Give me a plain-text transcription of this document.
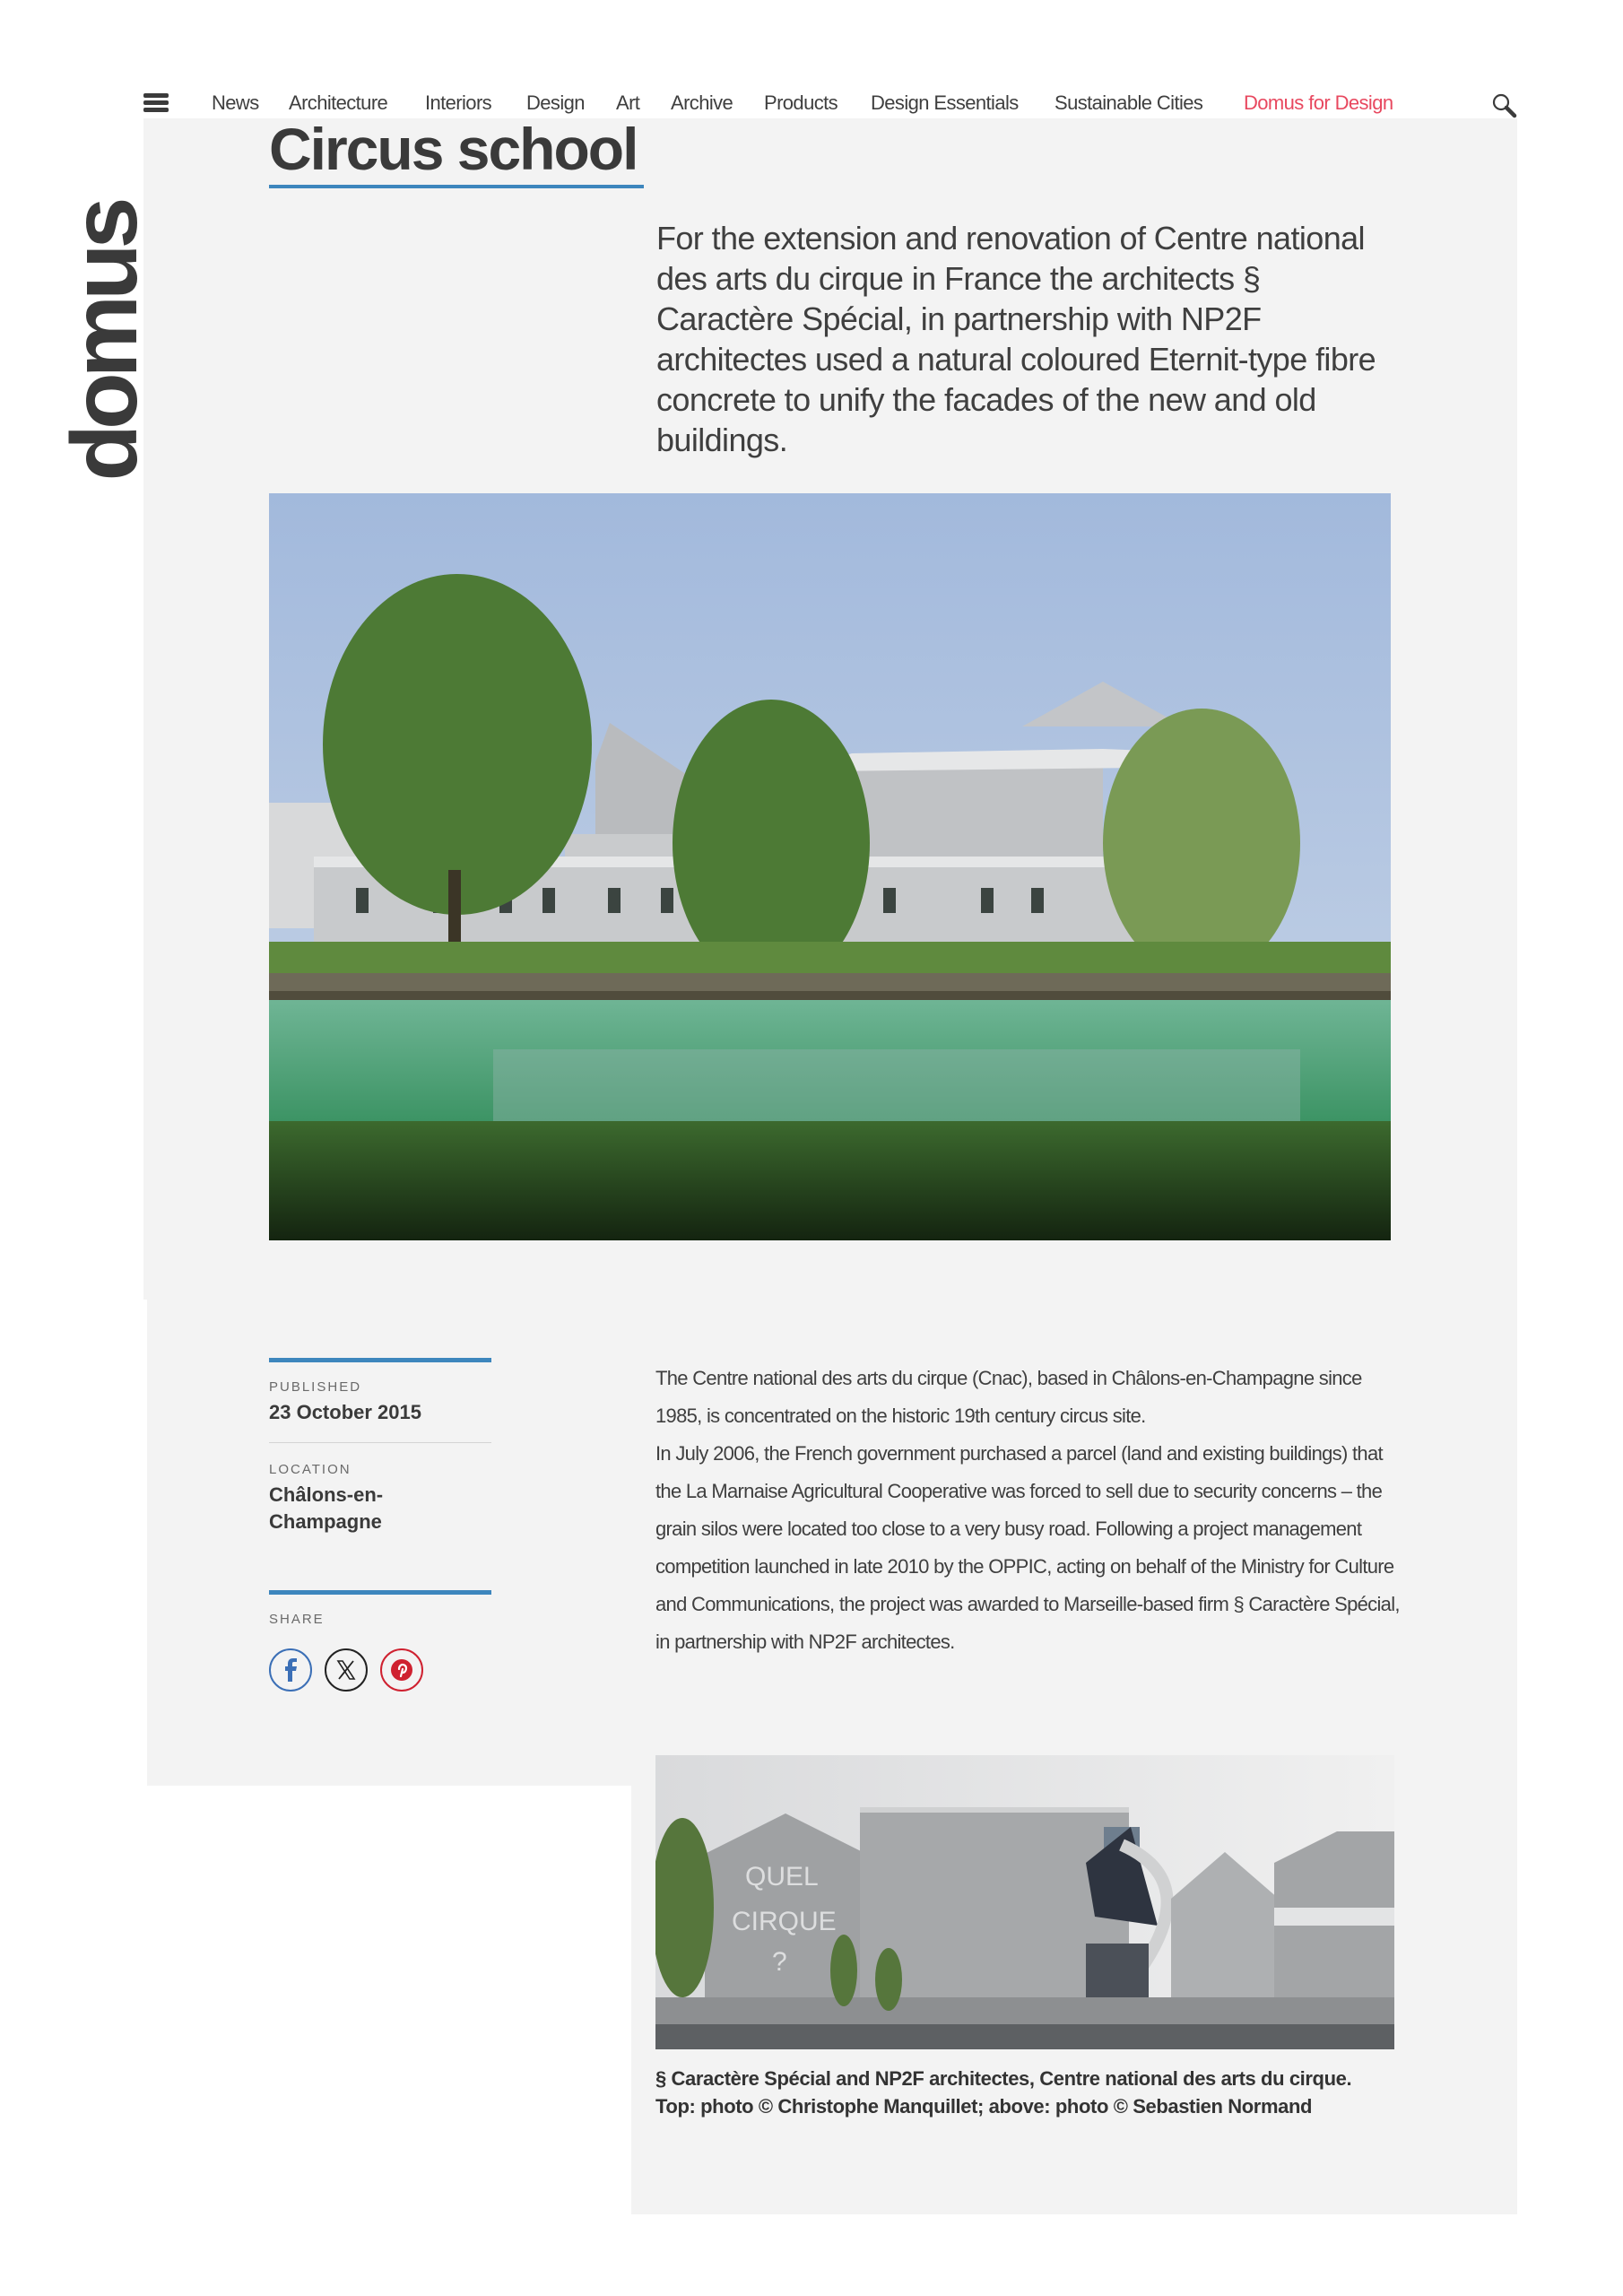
News Architecture Interiors Design Art Archive Products Design Essentials Sustainable Cities Domus for Design
domus
Circus school

For the extension and renovation of Centre national des arts du cirque in France the architects § Caractère Spécial, in partnership with NP2F architectes used a natural coloured Eternit-type fibre concrete to unify the facades of the new and old buildings.

PUBLISHED
23 October 2015
LOCATION
Châlons-en-Champagne
SHARE

The Centre national des arts du cirque (Cnac), based in Châlons-en-Champagne since 1985, is concentrated on the historic 19th century circus site.

In July 2006, the French government purchased a parcel (land and existing buildings) that the La Marnaise Agricultural Cooperative was forced to sell due to security concerns – the grain silos were located too close to a very busy road. Following a project management competition launched in late 2010 by the OPPIC, acting on behalf of the Ministry for Culture and Communications, the project was awarded to Marseille-based firm § Caractère Spécial, in partnership with NP2F architectes.

QUEL
CIRQUE
?

§ Caractère Spécial and NP2F architectes, Centre national des arts du cirque. Top: photo © Christophe Manquillet; above: photo © Sebastien Normand
